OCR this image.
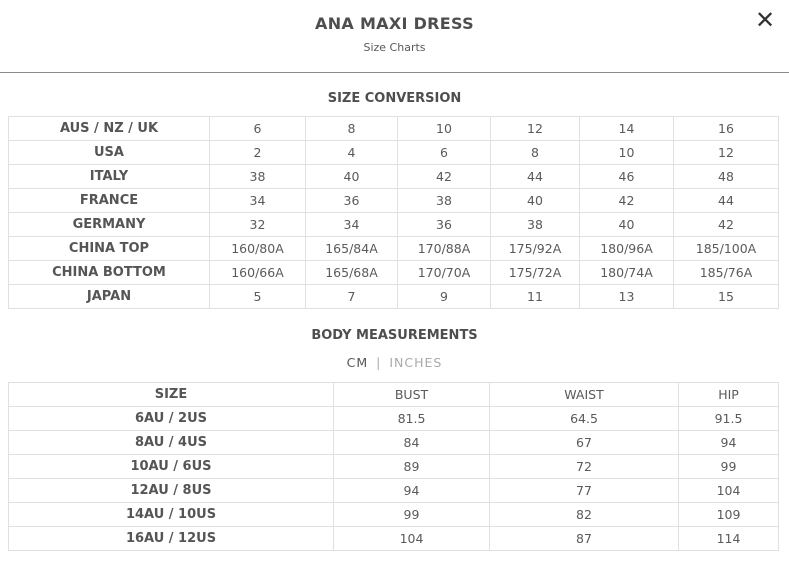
ANA MAXI DRESS
Size Charts
✕
SIZE CONVERSION
AUS / NZ / UK	6	8	10	12	14	16
USA	2	4	6	8	10	12
ITALY	38	40	42	44	46	48
FRANCE	34	36	38	40	42	44
GERMANY	32	34	36	38	40	42
CHINA TOP	160/80A	165/84A	170/88A	175/92A	180/96A	185/100A
CHINA BOTTOM	160/66A	165/68A	170/70A	175/72A	180/74A	185/76A
JAPAN	5	7	9	11	13	15
BODY MEASUREMENTS
CM | INCHES
SIZE	BUST	WAIST	HIP
6AU / 2US	81.5	64.5	91.5
8AU / 4US	84	67	94
10AU / 6US	89	72	99
12AU / 8US	94	77	104
14AU / 10US	99	82	109
16AU / 12US	104	87	114
